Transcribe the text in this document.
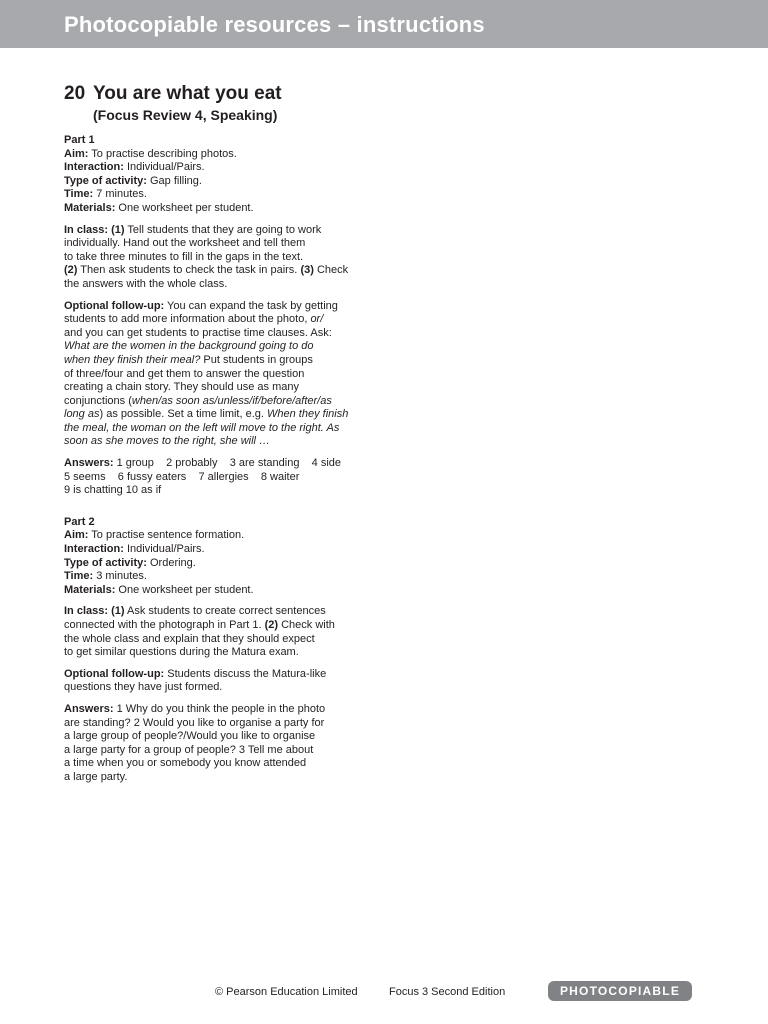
Photocopiable resources – instructions
20 You are what you eat
(Focus Review 4, Speaking)

Part 1

Aim: To practise describing photos.

Interaction: Individual/Pairs.

Type of activity: Gap filling.

Time: 7 minutes.

Materials: One worksheet per student.

In class: (1) Tell students that they are going to work

individually. Hand out the worksheet and tell them

to take three minutes to fill in the gaps in the text.

(2) Then ask students to check the task in pairs. (3) Check

the answers with the whole class.

Optional follow-up: You can expand the task by getting

students to add more information about the photo, or/

and you can get students to practise time clauses. Ask:

What are the women in the background going to do

when they finish their meal? Put students in groups

of three/four and get them to answer the question

creating a chain story. They should use as many

conjunctions (when/as soon as/unless/if/before/after/as

long as) as possible. Set a time limit, e.g. When they finish

the meal, the woman on the left will move to the right. As

soon as she moves to the right, she will …

Answers: 1 group    2 probably    3 are standing    4 side

5 seems    6 fussy eaters    7 allergies    8 waiter

9 is chatting 10 as if

Part 2

Aim: To practise sentence formation.

Interaction: Individual/Pairs.

Type of activity: Ordering.

Time: 3 minutes.

Materials: One worksheet per student.

In class: (1) Ask students to create correct sentences

connected with the photograph in Part 1. (2) Check with

the whole class and explain that they should expect

to get similar questions during the Matura exam.

Optional follow-up: Students discuss the Matura-like

questions they have just formed.

Answers: 1 Why do you think the people in the photo

are standing? 2 Would you like to organise a party for

a large group of people?/Would you like to organise

a large party for a group of people? 3 Tell me about

a time when you or somebody you know attended

a large party.

© Pearson Education Limited	Focus 3 Second Edition	PHOTOCOPIABLE
